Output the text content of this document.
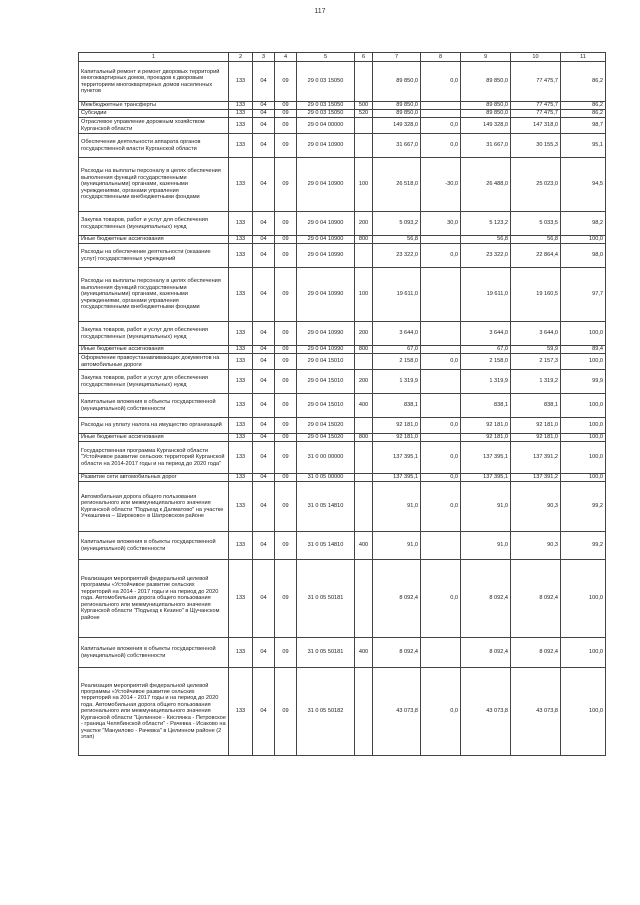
117
1	2	3	4	5	6	7	8	9	10	11
Капитальный ремонт и ремонт дворовых территорий многоквартирных домов, проездов к дворовым территориям многоквартирных домов населенных пунктов	133	04	09	29 0 03 15050		89 850,0	0,0	89 850,0	77 475,7	86,2
Межбюджетные трансферты	133	04	09	29 0 03 15050	500	89 850,0		89 850,0	77 475,7	86,2
Субсидии	133	04	09	29 0 03 15050	520	89 850,0		89 850,0	77 475,7	86,2
Отраслевое управление дорожным хозяйством Курганской области	133	04	09	29 0 04 00000		149 328,0	0,0	149 328,0	147 318,0	98,7
Обеспечение деятельности аппарата органов государственной власти Курганской области	133	04	09	29 0 04 10900		31 667,0	0,0	31 667,0	30 155,3	95,1
Расходы на выплаты персоналу в целях обеспечения выполнения функций государственными (муниципальными) органами, казенными учреждениями, органами управления государственными внебюджетными фондами	133	04	09	29 0 04 10900	100	26 518,0	-30,0	26 488,0	25 023,0	94,5
Закупка товаров, работ и услуг для обеспечения государственных (муниципальных) нужд	133	04	09	29 0 04 10900	200	5 093,2	30,0	5 123,2	5 033,5	98,2
Иные бюджетные ассигнования	133	04	09	29 0 04 10900	800	56,8		56,8	56,8	100,0
Расходы на обеспечение деятельности (оказание услуг) государственных учреждений	133	04	09	29 0 04 10990		23 322,0	0,0	23 322,0	22 864,4	98,0
Расходы на выплаты персоналу в целях обеспечения выполнения функций государственными (муниципальными) органами, казенными учреждениями, органами управления государственными внебюджетными фондами	133	04	09	29 0 04 10990	100	19 611,0		19 611,0	19 160,5	97,7
Закупка товаров, работ и услуг для обеспечения государственных (муниципальных) нужд	133	04	09	29 0 04 10990	200	3 644,0		3 644,0	3 644,0	100,0
Иные бюджетные ассигнования	133	04	09	29 0 04 10990	800	67,0		67,0	59,9	89,4
Оформление правоустанавливающих документов на автомобильные дороги	133	04	09	29 0 04 15010		2 158,0	0,0	2 158,0	2 157,3	100,0
Закупка товаров, работ и услуг для обеспечения государственных (муниципальных) нужд	133	04	09	29 0 04 15010	200	1 319,9		1 319,9	1 319,2	99,9
Капитальные вложения в объекты государственной (муниципальной) собственности	133	04	09	29 0 04 15010	400	838,1		838,1	838,1	100,0
Расходы на уплату налога на имущество организаций	133	04	09	29 0 04 15020		92 181,0	0,0	92 181,0	92 181,0	100,0
Иные бюджетные ассигнования	133	04	09	29 0 04 15020	800	92 181,0		92 181,0	92 181,0	100,0
Государственная программа Курганской области "Устойчивое развитие сельских территорий Курганской области на 2014-2017 годы и на период до 2020 года"	133	04	09	31 0 00 00000		137 395,1	0,0	137 395,1	137 391,2	100,0
Развитие сети автомобильных дорог	133	04	09	31 0 05 00000		137 395,1	0,0	137 395,1	137 391,2	100,0
Автомобильная дорога общего пользования регионального или межмуниципального значения Курганской области "Подъезд к Далматово" на участке Учкашлина – Широково» в Шатровском районе	133	04	09	31 0 05 14810		91,0	0,0	91,0	90,3	99,2
Капитальные вложения в объекты государственной (муниципальной) собственности	133	04	09	31 0 05 14810	400	91,0		91,0	90,3	99,2
Реализация мероприятий федеральной целевой программы «Устойчивое развитие сельских территорий на 2014 - 2017 годы и на период до 2020 года. Автомобильная дорога общего пользования регионального или межмуниципального значения Курганской области "Подъезд к Кезино" в Щучанском районе	133	04	09	31 0 05 50181		8 092,4	0,0	8 092,4	8 092,4	100,0
Капитальные вложения в объекты государственной (муниципальной) собственности	133	04	09	31 0 05 50181	400	8 092,4		8 092,4	8 092,4	100,0
Реализация мероприятий федеральной целевой программы «Устойчивое развитие сельских территорий на 2014 - 2017 годы и на период до 2020 года. Автомобильная дорога общего пользования регионального или межмуниципального значения Курганской области "Целинное - Кислянка - Петровское - граница Челябинской области" - Рачевка - Исаково на участке "Мануилово - Рачевка" в Целинном районе (2 этап)	133	04	09	31 0 05 50182		43 073,8	0,0	43 073,8	43 073,8	100,0
